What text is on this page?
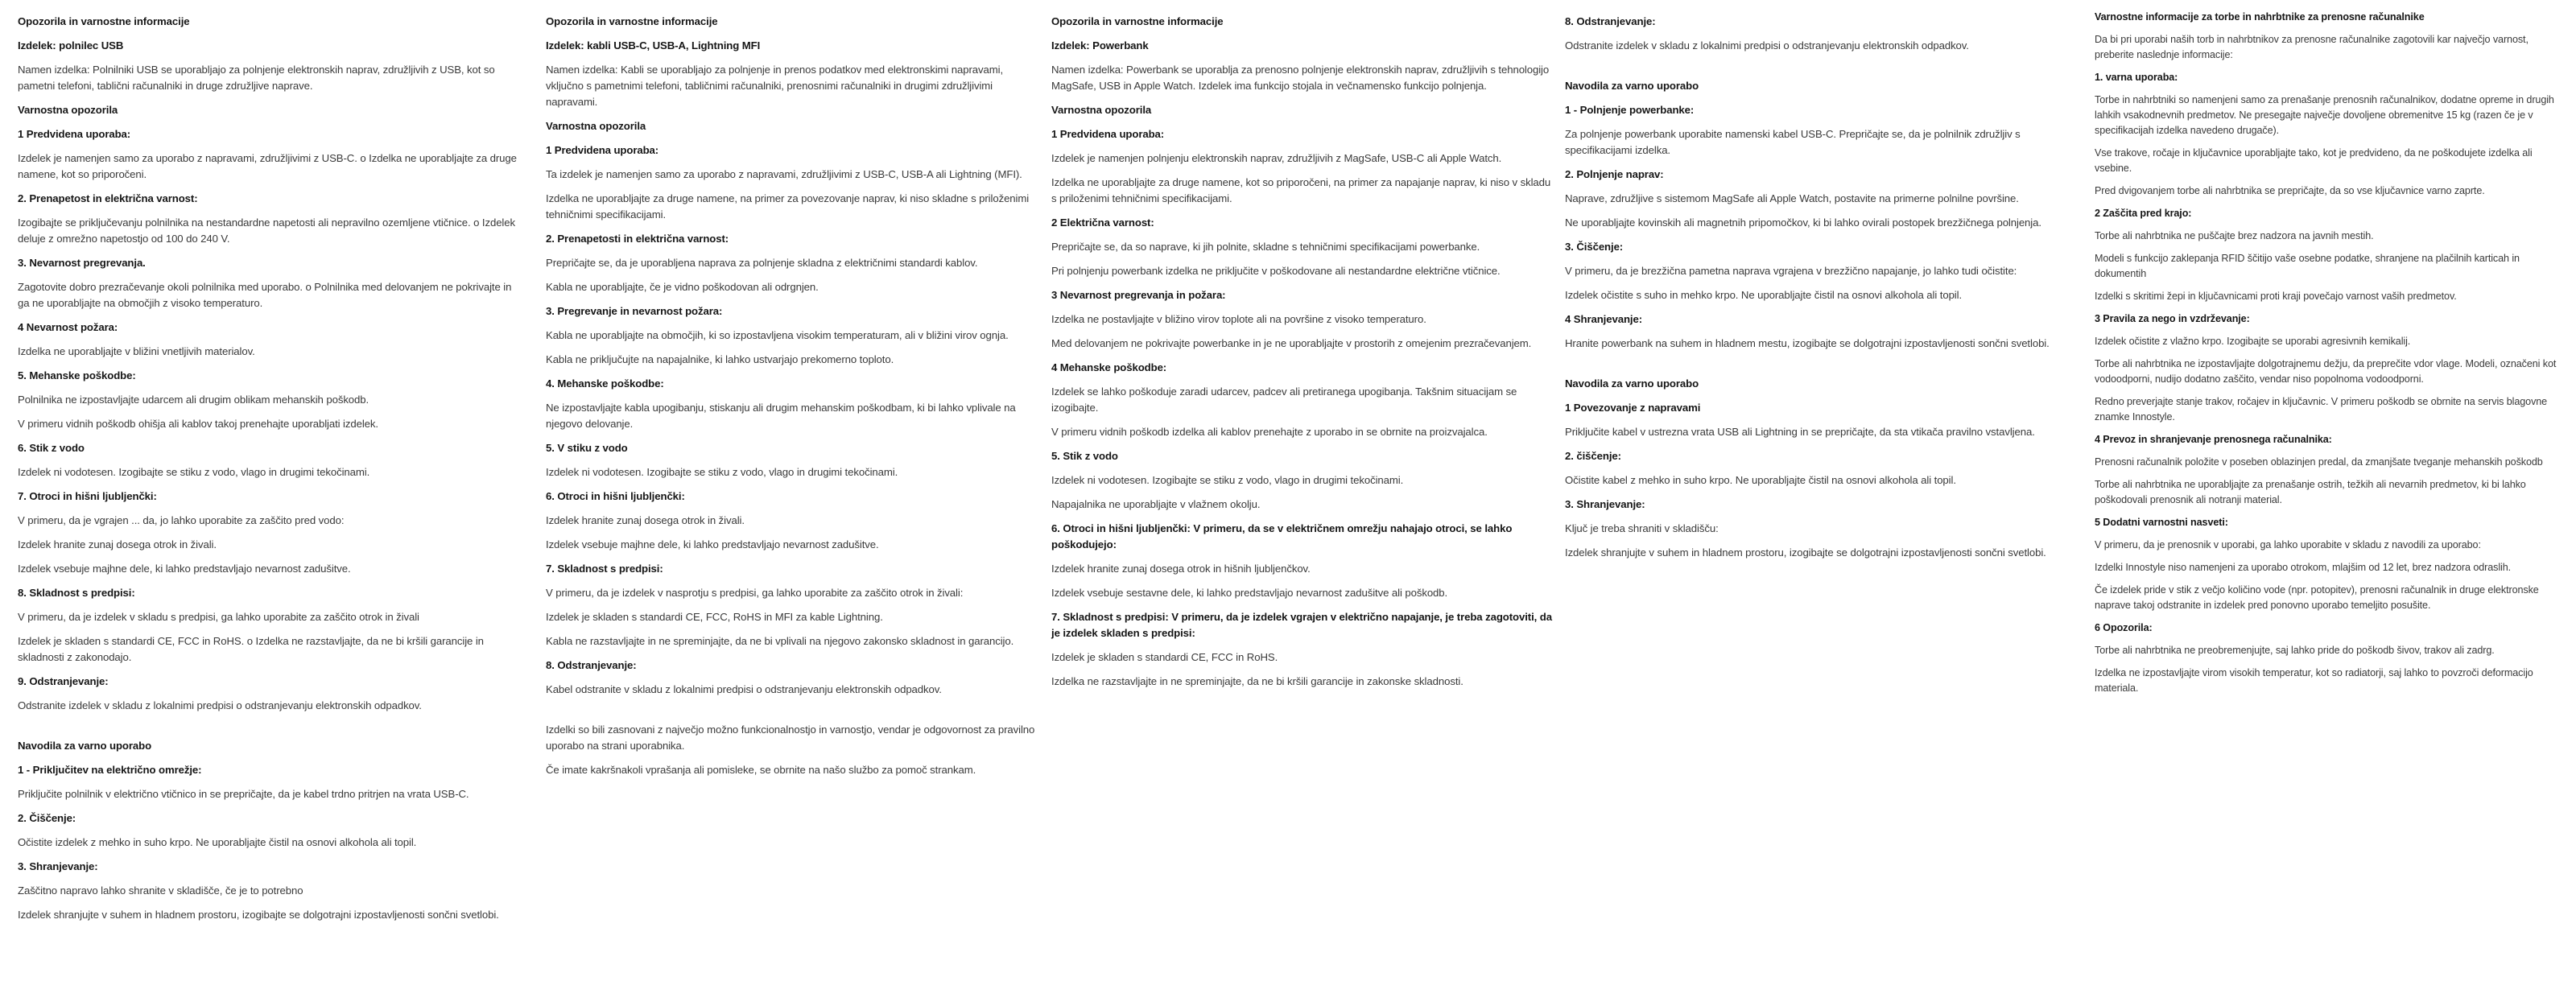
Opozorila in varnostne informacije

Izdelek: polnilec USB

Namen izdelka: Polnilniki USB se uporabljajo za polnjenje elektronskih naprav, združljivih z USB, kot so pametni telefoni, tablični računalniki in druge združljive naprave.

Varnostna opozorila

1 Predvidena uporaba:

Izdelek je namenjen samo za uporabo z napravami, združljivimi z USB-C. o Izdelka ne uporabljajte za druge namene, kot so priporočeni.

2. Prenapetost in električna varnost:

Izogibajte se priključevanju polnilnika na nestandardne napetosti ali nepravilno ozemljene vtičnice. o Izdelek deluje z omrežno napetostjo od 100 do 240 V.

3. Nevarnost pregrevanja.

Zagotovite dobro prezračevanje okoli polnilnika med uporabo. o Polnilnika med delovanjem ne pokrivajte in ga ne uporabljajte na območjih z visoko temperaturo.

4 Nevarnost požara:

Izdelka ne uporabljajte v bližini vnetljivih materialov.

5. Mehanske poškodbe:

Polnilnika ne izpostavljajte udarcem ali drugim oblikam mehanskih poškodb.

V primeru vidnih poškodb ohišja ali kablov takoj prenehajte uporabljati izdelek.

6. Stik z vodo

Izdelek ni vodotesen. Izogibajte se stiku z vodo, vlago in drugimi tekočinami.

7. Otroci in hišni ljubljenčki:

V primeru, da je vgrajen ... da, jo lahko uporabite za zaščito pred vodo:

Izdelek hranite zunaj dosega otrok in živali.

Izdelek vsebuje majhne dele, ki lahko predstavljajo nevarnost zadušitve.

8. Skladnost s predpisi:

V primeru, da je izdelek v skladu s predpisi, ga lahko uporabite za zaščito otrok in živali

Izdelek je skladen s standardi CE, FCC in RoHS. o Izdelka ne razstavljajte, da ne bi kršili garancije in skladnosti z zakonodajo.

9. Odstranjevanje:

Odstranite izdelek v skladu z lokalnimi predpisi o odstranjevanju elektronskih odpadkov.

Navodila za varno uporabo

1 - Priključitev na električno omrežje:

Priključite polnilnik v električno vtičnico in se prepričajte, da je kabel trdno pritrjen na vrata USB-C.

2. Čiščenje:

Očistite izdelek z mehko in suho krpo. Ne uporabljajte čistil na osnovi alkohola ali topil.

3. Shranjevanje:

Zaščitno napravo lahko shranite v skladišče, če je to potrebno

Izdelek shranjujte v suhem in hladnem prostoru, izogibajte se dolgotrajni izpostavljenosti sončni svetlobi.

Opozorila in varnostne informacije

Izdelek: kabli USB-C, USB-A, Lightning MFI

Namen izdelka: Kabli se uporabljajo za polnjenje in prenos podatkov med elektronskimi napravami, vključno s pametnimi telefoni, tabličnimi računalniki, prenosnimi računalniki in drugimi združljivimi napravami.

Varnostna opozorila

1 Predvidena uporaba:

Ta izdelek je namenjen samo za uporabo z napravami, združljivimi z USB-C, USB-A ali Lightning (MFI).

Izdelka ne uporabljajte za druge namene, na primer za povezovanje naprav, ki niso skladne s priloženimi tehničnimi specifikacijami.

2. Prenapetosti in električna varnost:

Prepričajte se, da je uporabljena naprava za polnjenje skladna z električnimi standardi kablov.

Kabla ne uporabljajte, če je vidno poškodovan ali odrgnjen.

3. Pregrevanje in nevarnost požara:

Kabla ne uporabljajte na območjih, ki so izpostavljena visokim temperaturam, ali v bližini virov ognja.

Kabla ne priključujte na napajalnike, ki lahko ustvarjajo prekomerno toploto.

4. Mehanske poškodbe:

Ne izpostavljajte kabla upogibanju, stiskanju ali drugim mehanskim poškodbam, ki bi lahko vplivale na njegovo delovanje.

5. V stiku z vodo

Izdelek ni vodotesen. Izogibajte se stiku z vodo, vlago in drugimi tekočinami.

6. Otroci in hišni ljubljenčki:

Izdelek hranite zunaj dosega otrok in živali.

Izdelek vsebuje majhne dele, ki lahko predstavljajo nevarnost zadušitve.

7. Skladnost s predpisi:

V primeru, da je izdelek v nasprotju s predpisi, ga lahko uporabite za zaščito otrok in živali:

Izdelek je skladen s standardi CE, FCC, RoHS in MFI za kable Lightning.

Kabla ne razstavljajte in ne spreminjajte, da ne bi vplivali na njegovo zakonsko skladnost in garancijo.

8. Odstranjevanje:

Kabel odstranite v skladu z lokalnimi predpisi o odstranjevanju elektronskih odpadkov.

Izdelki so bili zasnovani z največjo možno funkcionalnostjo in varnostjo, vendar je odgovornost za pravilno uporabo na strani uporabnika.

Če imate kakršnakoli vprašanja ali pomisleke, se obrnite na našo službo za pomoč strankam.

Opozorila in varnostne informacije

Izdelek: Powerbank

Namen izdelka: Powerbank se uporablja za prenosno polnjenje elektronskih naprav, združljivih s tehnologijo MagSafe, USB in Apple Watch. Izdelek ima funkcijo stojala in večnamensko funkcijo polnjenja.

Varnostna opozorila

1 Predvidena uporaba:

Izdelek je namenjen polnjenju elektronskih naprav, združljivih z MagSafe, USB-C ali Apple Watch.

Izdelka ne uporabljajte za druge namene, kot so priporočeni, na primer za napajanje naprav, ki niso v skladu s priloženimi tehničnimi specifikacijami.

2 Električna varnost:

Prepričajte se, da so naprave, ki jih polnite, skladne s tehničnimi specifikacijami powerbanke.

Pri polnjenju powerbank izdelka ne priključite v poškodovane ali nestandardne električne vtičnice.

3 Nevarnost pregrevanja in požara:

Izdelka ne postavljajte v bližino virov toplote ali na površine z visoko temperaturo.

Med delovanjem ne pokrivajte powerbanke in je ne uporabljajte v prostorih z omejenim prezračevanjem.

4 Mehanske poškodbe:

Izdelek se lahko poškoduje zaradi udarcev, padcev ali pretiranega upogibanja. Takšnim situacijam se izogibajte.

V primeru vidnih poškodb izdelka ali kablov prenehajte z uporabo in se obrnite na proizvajalca.

5. Stik z vodo

Izdelek ni vodotesen. Izogibajte se stiku z vodo, vlago in drugimi tekočinami.

Napajalnika ne uporabljajte v vlažnem okolju.

6. Otroci in hišni ljubljenčki: V primeru, da se v električnem omrežju nahajajo otroci, se lahko poškodujejo:

Izdelek hranite zunaj dosega otrok in hišnih ljubljenčkov.

Izdelek vsebuje sestavne dele, ki lahko predstavljajo nevarnost zadušitve ali poškodb.

7. Skladnost s predpisi: V primeru, da je izdelek vgrajen v električno napajanje, je treba zagotoviti, da je izdelek skladen s predpisi:

Izdelek je skladen s standardi CE, FCC in RoHS.

Izdelka ne razstavljajte in ne spreminjajte, da ne bi kršili garancije in zakonske skladnosti.

8. Odstranjevanje:

Odstranite izdelek v skladu z lokalnimi predpisi o odstranjevanju elektronskih odpadkov.

Navodila za varno uporabo

1 - Polnjenje powerbanke:

Za polnjenje powerbank uporabite namenski kabel USB-C. Prepričajte se, da je polnilnik združljiv s specifikacijami izdelka.

2. Polnjenje naprav:

Naprave, združljive s sistemom MagSafe ali Apple Watch, postavite na primerne polnilne površine.

Ne uporabljajte kovinskih ali magnetnih pripomočkov, ki bi lahko ovirali postopek brezžičnega polnjenja.

3. Čiščenje:

V primeru, da je brezžična pametna naprava vgrajena v brezžično napajanje, jo lahko tudi očistite:

Izdelek očistite s suho in mehko krpo. Ne uporabljajte čistil na osnovi alkohola ali topil.

4 Shranjevanje:

Hranite powerbank na suhem in hladnem mestu, izogibajte se dolgotrajni izpostavljenosti sončni svetlobi.

Navodila za varno uporabo

1 Povezovanje z napravami

Priključite kabel v ustrezna vrata USB ali Lightning in se prepričajte, da sta vtikača pravilno vstavljena.

2. čiščenje:

Očistite kabel z mehko in suho krpo. Ne uporabljajte čistil na osnovi alkohola ali topil.

3. Shranjevanje:

Ključ je treba shraniti v skladišču:

Izdelek shranjujte v suhem in hladnem prostoru, izogibajte se dolgotrajni izpostavljenosti sončni svetlobi.

Varnostne informacije za torbe in nahrbtnike za prenosne računalnike

Da bi pri uporabi naših torb in nahrbtnikov za prenosne računalnike zagotovili kar največjo varnost, preberite naslednje informacije:

1. varna uporaba:

Torbe in nahrbtniki so namenjeni samo za prenašanje prenosnih računalnikov, dodatne opreme in drugih lahkih vsakodnevnih predmetov. Ne presegajte največje dovoljene obremenitve 15 kg (razen če je v specifikacijah izdelka navedeno drugače).

Vse trakove, ročaje in ključavnice uporabljajte tako, kot je predvideno, da ne poškodujete izdelka ali vsebine.

Pred dvigovanjem torbe ali nahrbtnika se prepričajte, da so vse ključavnice varno zaprte.

2 Zaščita pred krajo:

Torbe ali nahrbtnika ne puščajte brez nadzora na javnih mestih.

Modeli s funkcijo zaklepanja RFID ščitijo vaše osebne podatke, shranjene na plačilnih karticah in dokumentih

Izdelki s skritimi žepi in ključavnicami proti kraji povečajo varnost vaših predmetov.

3 Pravila za nego in vzdrževanje:

Izdelek očistite z vlažno krpo. Izogibajte se uporabi agresivnih kemikalij.

Torbe ali nahrbtnika ne izpostavljajte dolgotrajnemu dežju, da preprečite vdor vlage. Modeli, označeni kot vodoodporni, nudijo dodatno zaščito, vendar niso popolnoma vodoodporni.

Redno preverjajte stanje trakov, ročajev in ključavnic. V primeru poškodb se obrnite na servis blagovne znamke Innostyle.

4 Prevoz in shranjevanje prenosnega računalnika:

Prenosni računalnik položite v poseben oblazinjen predal, da zmanjšate tveganje mehanskih poškodb

Torbe ali nahrbtnika ne uporabljajte za prenašanje ostrih, težkih ali nevarnih predmetov, ki bi lahko poškodovali prenosnik ali notranji material.

5 Dodatni varnostni nasveti:

V primeru, da je prenosnik v uporabi, ga lahko uporabite v skladu z navodili za uporabo:

Izdelki Innostyle niso namenjeni za uporabo otrokom, mlajšim od 12 let, brez nadzora odraslih.

Če izdelek pride v stik z večjo količino vode (npr. potopitev), prenosni računalnik in druge elektronske naprave takoj odstranite in izdelek pred ponovno uporabo temeljito posušite.

6 Opozorila:

Torbe ali nahrbtnika ne preobremenjujte, saj lahko pride do poškodb šivov, trakov ali zadrg.

Izdelka ne izpostavljajte virom visokih temperatur, kot so radiatorji, saj lahko to povzroči deformacijo materiala.
